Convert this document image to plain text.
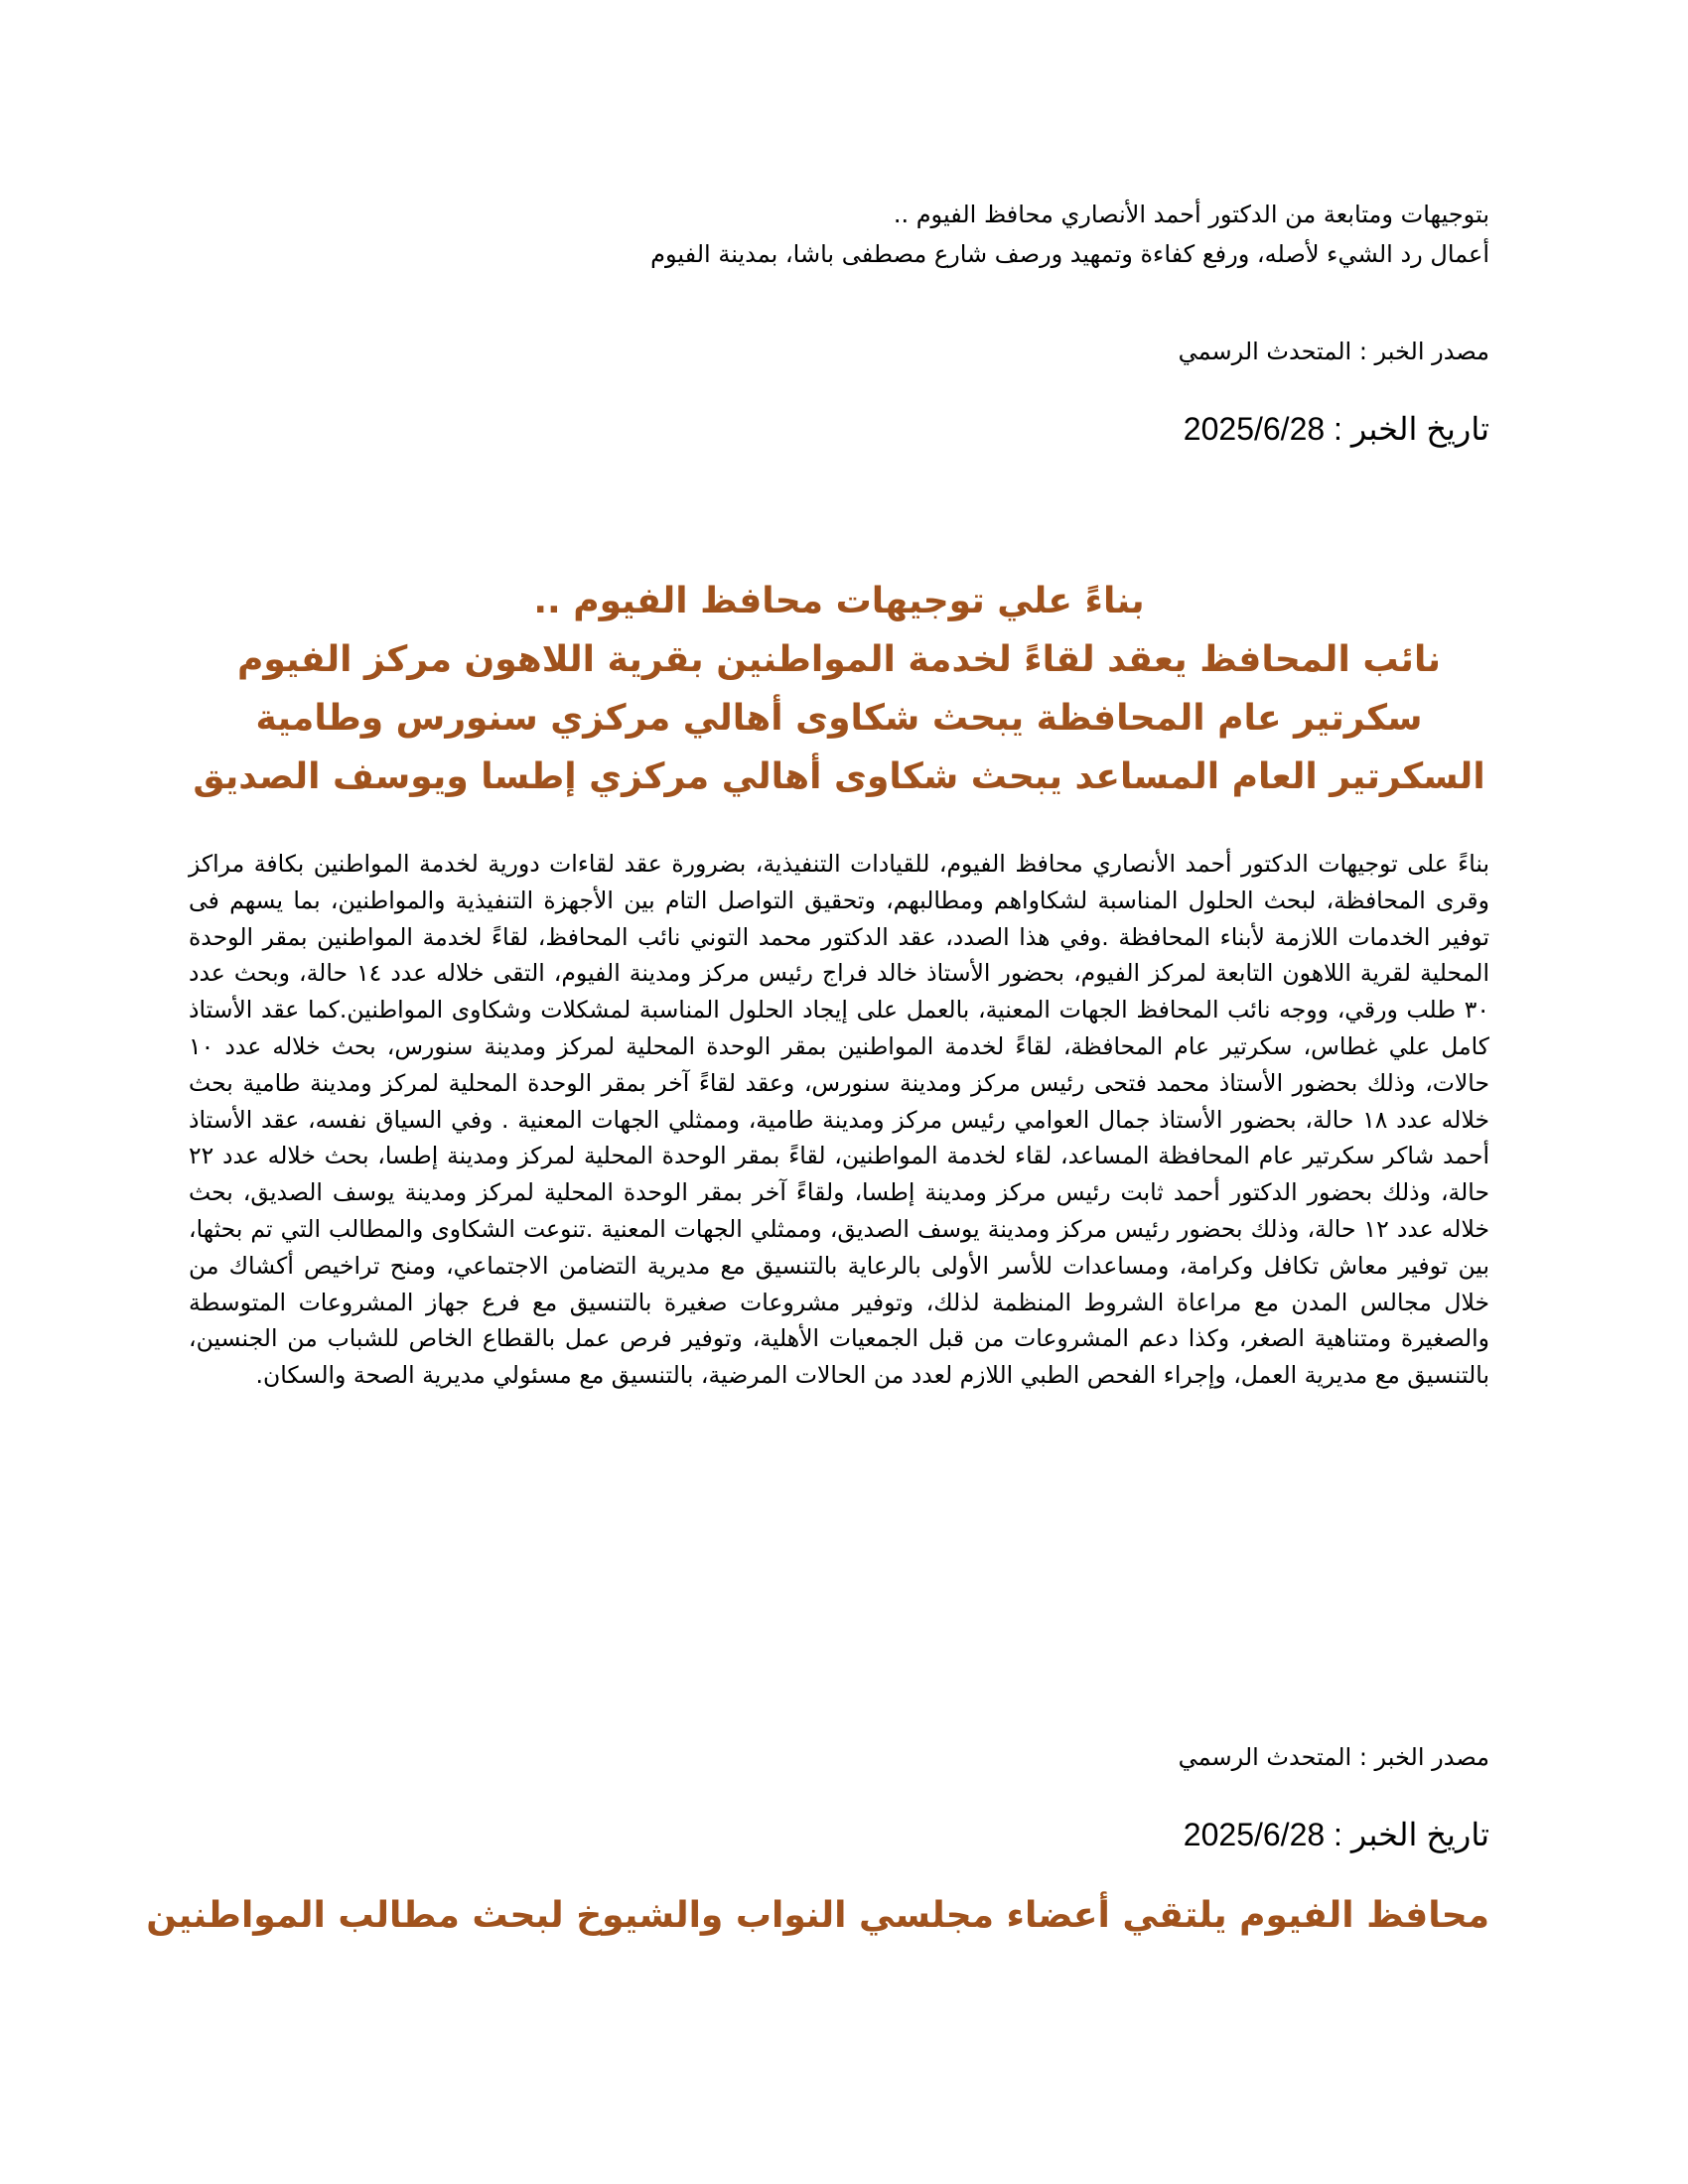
بتوجيهات ومتابعة من الدكتور أحمد الأنصاري محافظ الفيوم ..
أعمال رد الشيء لأصله، ورفع كفاءة وتمهيد ورصف شارع مصطفى باشا، بمدينة الفيوم
مصدر الخبر : المتحدث الرسمي
تاريخ الخبر : 2025/6/28
بناءً علي توجيهات محافظ الفيوم ..
نائب المحافظ يعقد لقاءً لخدمة المواطنين بقرية اللاهون مركز الفيوم
سكرتير عام المحافظة يبحث شكاوى أهالي مركزي سنورس وطامية
السكرتير العام المساعد يبحث شكاوى أهالي مركزي إطسا ويوسف الصديق
بناءً على توجيهات الدكتور أحمد الأنصاري محافظ الفيوم، للقيادات التنفيذية، بضرورة عقد لقاءات دورية لخدمة المواطنين بكافة مراكز وقرى المحافظة، لبحث الحلول المناسبة لشكاواهم ومطالبهم، وتحقيق التواصل التام بين الأجهزة التنفيذية والمواطنين، بما يسهم فى توفير الخدمات اللازمة لأبناء المحافظة .وفي هذا الصدد، عقد الدكتور محمد التوني نائب المحافظ، لقاءً لخدمة المواطنين بمقر الوحدة المحلية لقرية اللاهون التابعة لمركز الفيوم، بحضور الأستاذ خالد فراج رئيس مركز ومدينة الفيوم، التقى خلاله عدد ١٤ حالة، وبحث عدد ٣٠ طلب ورقي، ووجه نائب المحافظ الجهات المعنية، بالعمل على إيجاد الحلول المناسبة لمشكلات وشكاوى المواطنين.كما عقد الأستاذ كامل علي غطاس، سكرتير عام المحافظة، لقاءً لخدمة المواطنين بمقر الوحدة المحلية لمركز ومدينة سنورس، بحث خلاله عدد ١٠ حالات، وذلك بحضور الأستاذ محمد فتحى رئيس مركز ومدينة سنورس، وعقد لقاءً آخر بمقر الوحدة المحلية لمركز ومدينة طامية بحث خلاله عدد ١٨ حالة، بحضور الأستاذ جمال العوامي رئيس مركز ومدينة طامية، وممثلي الجهات المعنية . وفي السياق نفسه، عقد الأستاذ أحمد شاكر سكرتير عام المحافظة المساعد، لقاء لخدمة المواطنين، لقاءً بمقر الوحدة المحلية لمركز ومدينة إطسا، بحث خلاله عدد ٢٢ حالة، وذلك بحضور الدكتور أحمد ثابت رئيس مركز ومدينة إطسا، ولقاءً آخر بمقر الوحدة المحلية لمركز ومدينة يوسف الصديق، بحث خلاله عدد ١٢ حالة، وذلك بحضور رئيس مركز ومدينة يوسف الصديق، وممثلي الجهات المعنية .تنوعت الشكاوى والمطالب التي تم بحثها، بين توفير معاش تكافل وكرامة، ومساعدات للأسر الأولى بالرعاية بالتنسيق مع مديرية التضامن الاجتماعي، ومنح تراخيص أكشاك من خلال مجالس المدن مع مراعاة الشروط المنظمة لذلك، وتوفير مشروعات صغيرة بالتنسيق مع فرع جهاز المشروعات المتوسطة والصغيرة ومتناهية الصغر، وكذا دعم المشروعات من قبل الجمعيات الأهلية، وتوفير فرص عمل بالقطاع الخاص للشباب من الجنسين، بالتنسيق مع مديرية العمل، وإجراء الفحص الطبي اللازم لعدد من الحالات المرضية، بالتنسيق مع مسئولي مديرية الصحة والسكان.
مصدر الخبر : المتحدث الرسمي
تاريخ الخبر : 2025/6/28
محافظ الفيوم يلتقي أعضاء مجلسي النواب والشيوخ لبحث مطالب المواطنين
